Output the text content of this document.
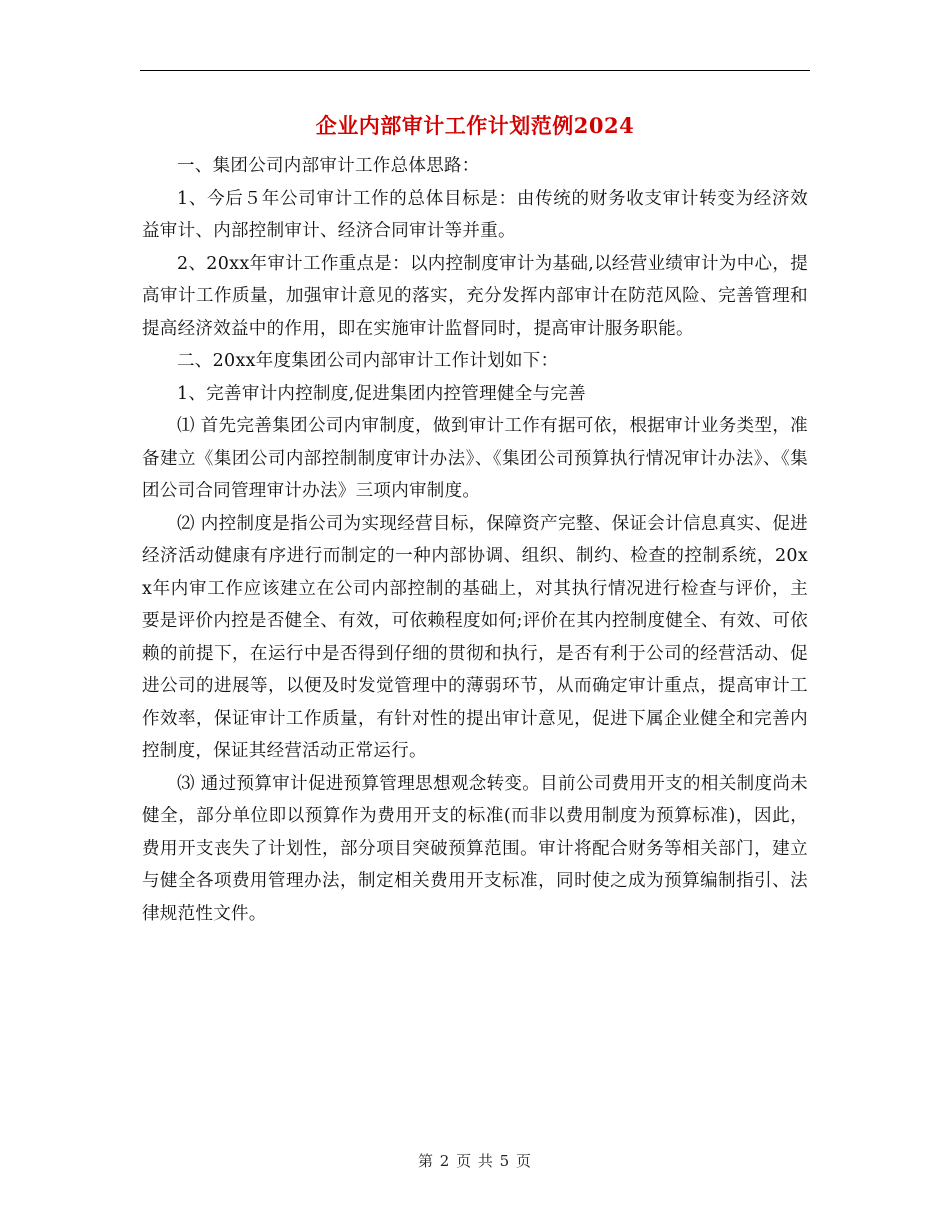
企业内部审计工作计划范例2024

一、集团公司内部审计工作总体思路：

1、今后５年公司审计工作的总体目标是：由传统的财务收支审计转变为经济效益审计、内部控制审计、经济合同审计等并重。

2、20xx年审计工作重点是：以内控制度审计为基础,以经营业绩审计为中心，提高审计工作质量，加强审计意见的落实，充分发挥内部审计在防范风险、完善管理和提高经济效益中的作用，即在实施审计监督同时，提高审计服务职能。

二、20xx年度集团公司内部审计工作计划如下：

1、完善审计内控制度,促进集团内控管理健全与完善

⑴ 首先完善集团公司内审制度，做到审计工作有据可依，根据审计业务类型，准备建立《集团公司内部控制制度审计办法》、《集团公司预算执行情况审计办法》、《集团公司合同管理审计办法》三项内审制度。

⑵ 内控制度是指公司为实现经营目标，保障资产完整、保证会计信息真实、促进经济活动健康有序进行而制定的一种内部协调、组织、制约、检查的控制系统，20xx年内审工作应该建立在公司内部控制的基础上，对其执行情况进行检查与评价，主要是评价内控是否健全、有效，可依赖程度如何;评价在其内控制度健全、有效、可依赖的前提下，在运行中是否得到仔细的贯彻和执行，是否有利于公司的经营活动、促进公司的进展等，以便及时发觉管理中的薄弱环节，从而确定审计重点，提高审计工作效率，保证审计工作质量，有针对性的提出审计意见，促进下属企业健全和完善内控制度，保证其经营活动正常运行。

⑶ 通过预算审计促进预算管理思想观念转变。目前公司费用开支的相关制度尚未健全，部分单位即以预算作为费用开支的标准(而非以费用制度为预算标准)，因此，费用开支丧失了计划性，部分项目突破预算范围。审计将配合财务等相关部门，建立与健全各项费用管理办法，制定相关费用开支标准，同时使之成为预算编制指引、法律规范性文件。

第 2 页 共 5 页
